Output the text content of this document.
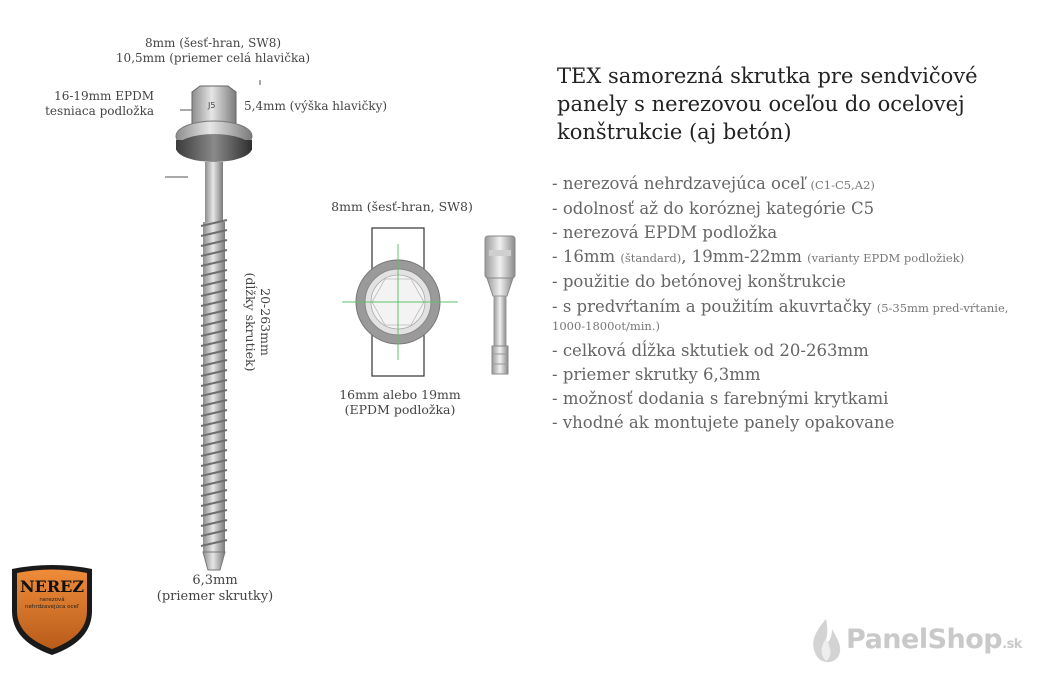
8mm (šesť-hran, SW8)
10,5mm (priemer celá hlavička)
16-19mm EPDM
tesniaca podložka	5,4mm (výška hlavičky)
J5
20-263mm
(dĺžky skrutiek)
6,3mm
(priemer skrutky)
NEREZ
nerezová
nehrdzavejúca oceľ
8mm (šesť-hran, SW8)
16mm alebo 19mm
(EPDM podložka)
TEX samorezná skrutka pre sendvičové panely s nerezovou oceľou do ocelovej konštrukcie (aj betón)
- nerezová nehrdzavejúca oceľ (C1-C5,A2)
- odolnosť až do koróznej kategórie C5
- nerezová EPDM podložka
- 16mm (štandard), 19mm-22mm (varianty EPDM podložiek)
- použitie do betónovej konštrukcie
- s predvŕtaním a použitím akuvrtačky (5-35mm pred-vŕtanie, 1000-1800ot/min.)
- celková dĺžka sktutiek od 20-263mm
- priemer skrutky 6,3mm
- možnosť dodania s farebnými krytkami
- vhodné ak montujete panely opakovane
PanelShop.sk
